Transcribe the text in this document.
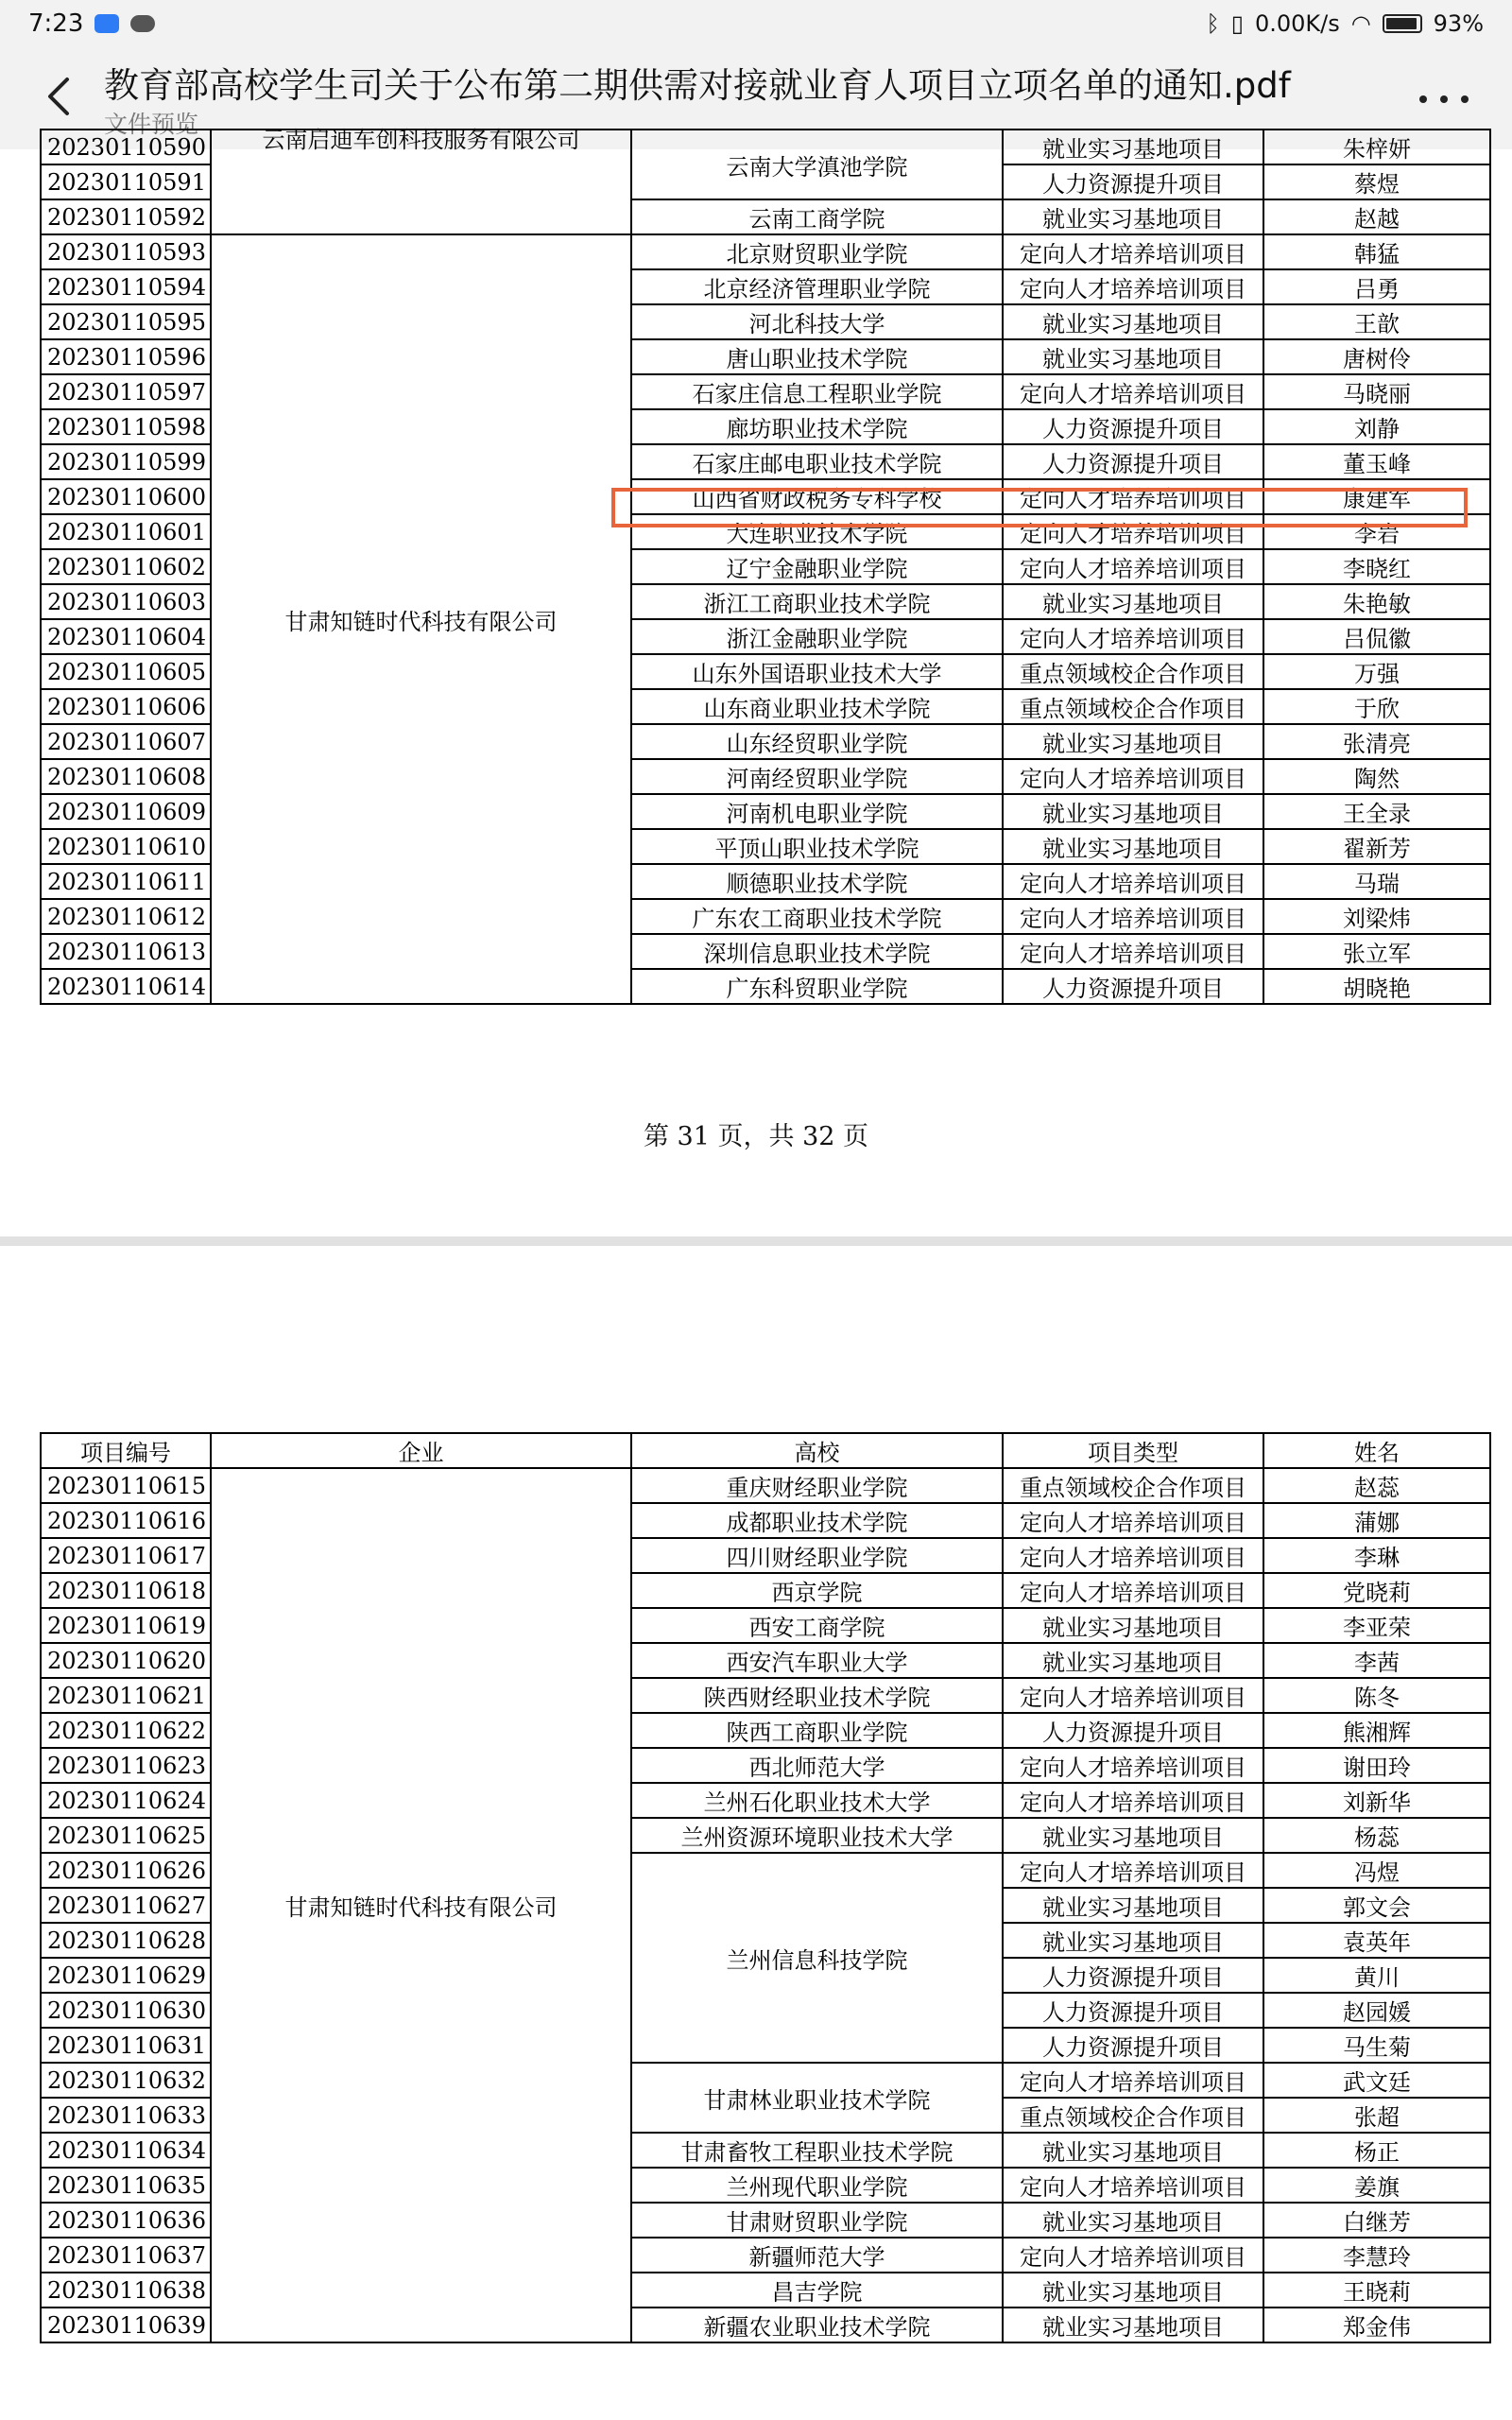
7:23	ᛒ ▯ 0.00K/s ◠	93%
教育部高校学生司关于公布第二期供需对接就业育人项目立项名单的通知.pdf
文件预览
20230110590	云南启迪车创科技服务有限公司	云南大学滇池学院	就业实习基地项目	朱梓妍
20230110591			人力资源提升项目	蔡煜
20230110592		云南工商学院	就业实习基地项目	赵越
20230110593	甘肃知链时代科技有限公司	北京财贸职业学院	定向人才培养培训项目	韩猛
20230110594		北京经济管理职业学院	定向人才培养培训项目	吕勇
20230110595		河北科技大学	就业实习基地项目	王歆
20230110596		唐山职业技术学院	就业实习基地项目	唐树伶
20230110597		石家庄信息工程职业学院	定向人才培养培训项目	马晓丽
20230110598		廊坊职业技术学院	人力资源提升项目	刘静
20230110599		石家庄邮电职业技术学院	人力资源提升项目	董玉峰
20230110600		山西省财政税务专科学校	定向人才培养培训项目	康建军
20230110601		大连职业技术学院	定向人才培养培训项目	李岩
20230110602		辽宁金融职业学院	定向人才培养培训项目	李晓红
20230110603		浙江工商职业技术学院	就业实习基地项目	朱艳敏
20230110604		浙江金融职业学院	定向人才培养培训项目	吕侃徽
20230110605		山东外国语职业技术大学	重点领域校企合作项目	万强
20230110606		山东商业职业技术学院	重点领域校企合作项目	于欣
20230110607		山东经贸职业学院	就业实习基地项目	张清亮
20230110608		河南经贸职业学院	定向人才培养培训项目	陶然
20230110609		河南机电职业学院	就业实习基地项目	王全录
20230110610		平顶山职业技术学院	就业实习基地项目	翟新芳
20230110611		顺德职业技术学院	定向人才培养培训项目	马瑞
20230110612		广东农工商职业技术学院	定向人才培养培训项目	刘梁炜
20230110613		深圳信息职业技术学院	定向人才培养培训项目	张立军
20230110614		广东科贸职业学院	人力资源提升项目	胡晓艳
第 31 页，共 32 页
项目编号	企业	高校	项目类型	姓名
20230110615	甘肃知链时代科技有限公司	重庆财经职业学院	重点领域校企合作项目	赵蕊
20230110616		成都职业技术学院	定向人才培养培训项目	蒲娜
20230110617		四川财经职业学院	定向人才培养培训项目	李琳
20230110618		西京学院	定向人才培养培训项目	党晓莉
20230110619		西安工商学院	就业实习基地项目	李亚荣
20230110620		西安汽车职业大学	就业实习基地项目	李茜
20230110621		陕西财经职业技术学院	定向人才培养培训项目	陈冬
20230110622		陕西工商职业学院	人力资源提升项目	熊湘辉
20230110623		西北师范大学	定向人才培养培训项目	谢田玲
20230110624		兰州石化职业技术大学	定向人才培养培训项目	刘新华
20230110625		兰州资源环境职业技术大学	就业实习基地项目	杨蕊
20230110626		兰州信息科技学院	定向人才培养培训项目	冯煜
20230110627			就业实习基地项目	郭文会
20230110628			就业实习基地项目	袁英年
20230110629			人力资源提升项目	黄川
20230110630			人力资源提升项目	赵园媛
20230110631			人力资源提升项目	马生菊
20230110632		甘肃林业职业技术学院	定向人才培养培训项目	武文廷
20230110633			重点领域校企合作项目	张超
20230110634		甘肃畜牧工程职业技术学院	就业实习基地项目	杨正
20230110635		兰州现代职业学院	定向人才培养培训项目	姜旗
20230110636		甘肃财贸职业学院	就业实习基地项目	白继芳
20230110637		新疆师范大学	定向人才培养培训项目	李慧玲
20230110638		昌吉学院	就业实习基地项目	王晓莉
20230110639		新疆农业职业技术学院	就业实习基地项目	郑金伟
